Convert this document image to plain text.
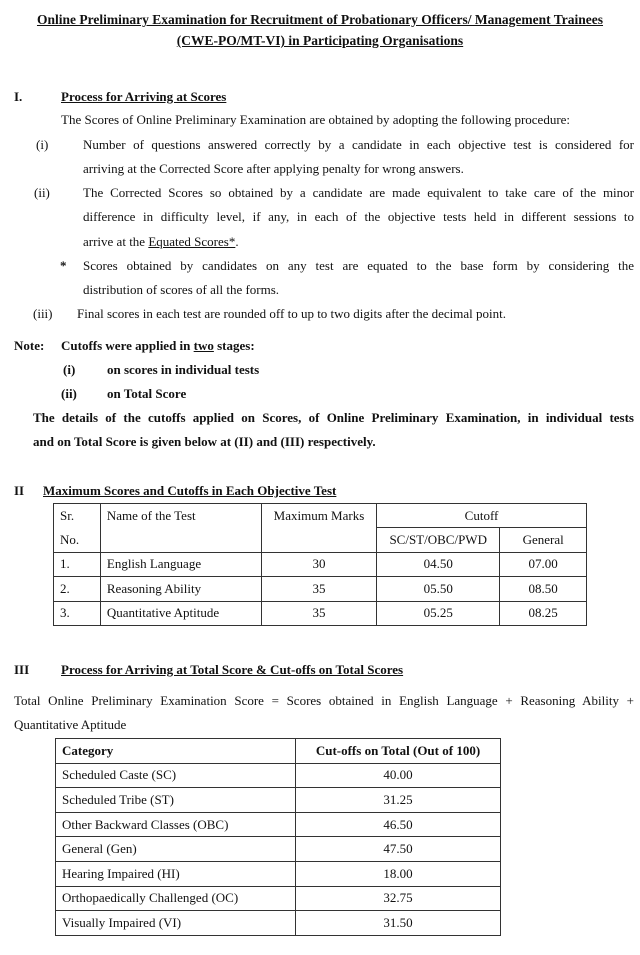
Online Preliminary Examination for Recruitment of Probationary Officers/ Management Trainees
(CWE-PO/MT-VI) in Participating Organisations
I.	Process for Arriving at Scores
The Scores of Online Preliminary Examination are obtained by adopting the following procedure:
(i)	Number of questions answered correctly by a candidate in each objective test is considered for
arriving at the Corrected Score after applying penalty for wrong answers.
(ii)	The Corrected Scores so obtained by a candidate are made equivalent to take care of the minor
difference in difficulty level, if any, in each of the objective tests held in different sessions to
arrive at the Equated Scores*.
* Scores obtained by candidates on any test are equated to the base form by considering the
distribution of scores of all the forms.
(iii) Final scores in each test are rounded off to up to two digits after the decimal point.
Note: Cutoffs were applied in two stages:
(i) on scores in individual tests
(ii) on Total Score
The details of the cutoffs applied on Scores, of Online Preliminary Examination, in individual tests
and on Total Score is given below at (II) and (III) respectively.
II Maximum Scores and Cutoffs in Each Objective Test
Sr.	Name of the Test	Maximum Marks	Cutoff	
No.			SC/ST/OBC/PWD	General
1.	English Language	30	04.50	07.00
2.	Reasoning Ability	35	05.50	08.50
3.	Quantitative Aptitude	35	05.25	08.25
III Process for Arriving at Total Score & Cut-offs on Total Scores
Total Online Preliminary Examination Score = Scores obtained in English Language + Reasoning Ability +
Quantitative Aptitude
Category	Cut-offs on Total (Out of 100)
Scheduled Caste (SC)	40.00
Scheduled Tribe (ST)	31.25
Other Backward Classes (OBC)	46.50
General (Gen)	47.50
Hearing Impaired (HI)	18.00
Orthopaedically Challenged (OC)	32.75
Visually Impaired (VI)	31.50
